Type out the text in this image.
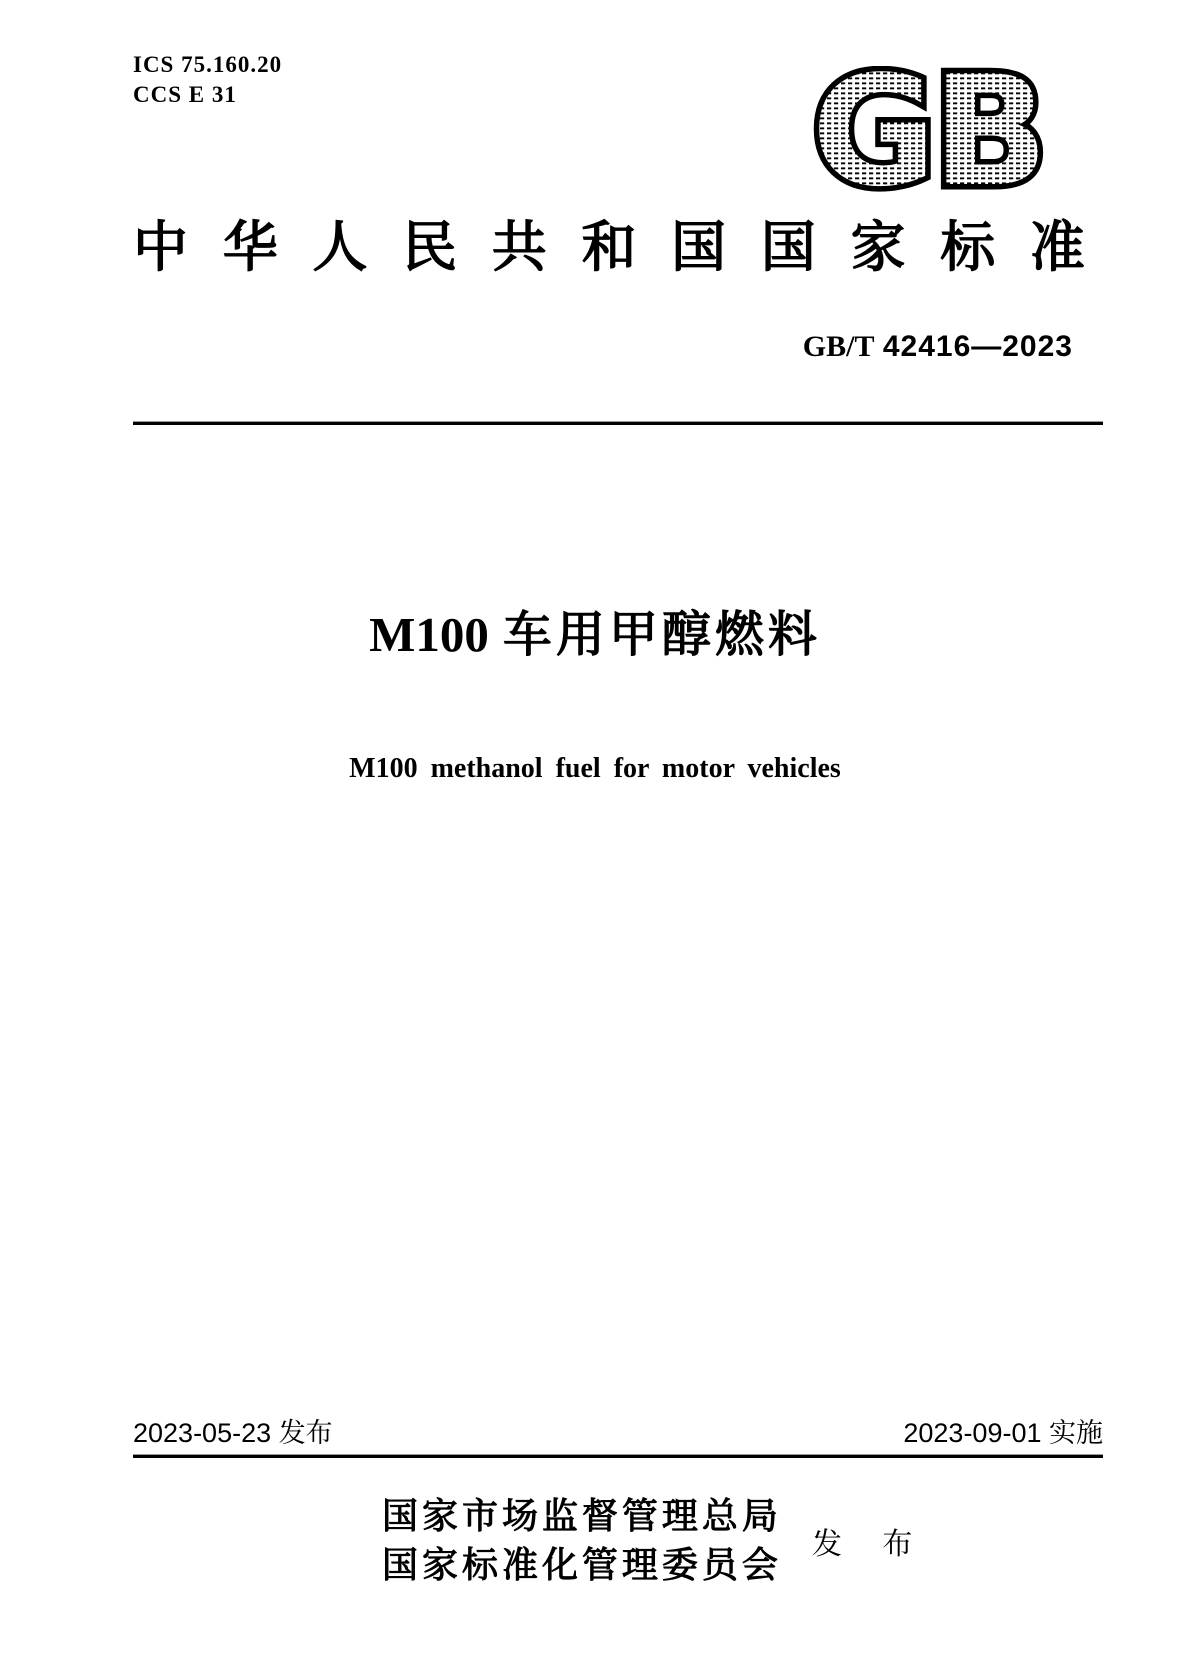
ICS 75.160.20
CCS E 31	GB
中 华 人 民 共 和 国 国 家 标 准
GB/T 42416—2023
M100 车用甲醇燃料
M100 methanol fuel for motor vehicles
2023-05-23 发布	2023-09-01 实施
国 家 市 场 监 督 管 理 总 局
国 家 标 准 化 管 理 委 员 会
发 布
